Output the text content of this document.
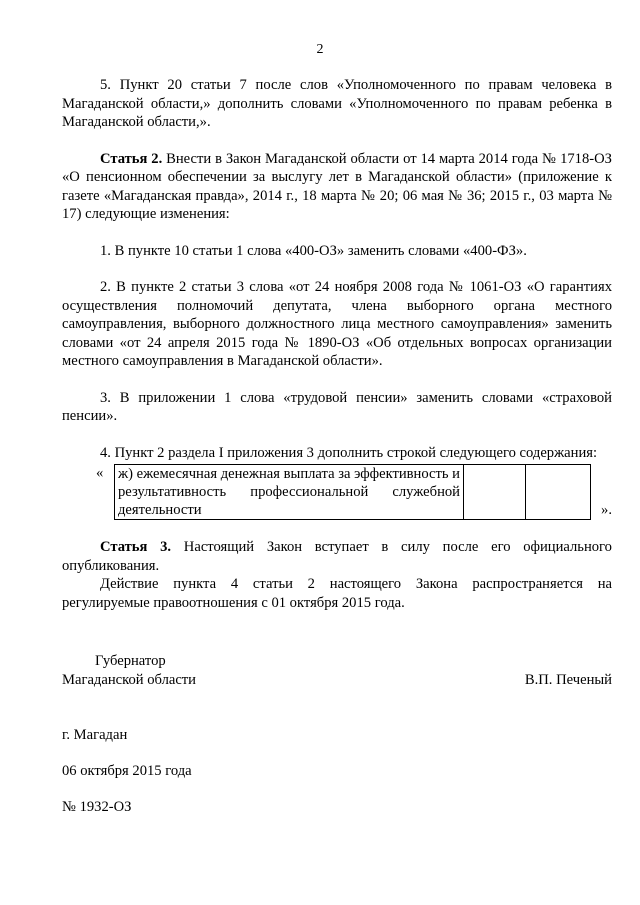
2

5. Пункт 20 статьи 7 после слов «Уполномоченного по правам человека в Магаданской области,» дополнить словами «Уполномоченного по правам ребенка в Магаданской области,».

Статья 2. Внести в Закон Магаданской области от 14 марта 2014 года № 1718-ОЗ «О пенсионном обеспечении за выслугу лет в Магаданской области» (приложение к газете «Магаданская правда», 2014 г., 18 марта № 20; 06 мая № 36; 2015 г., 03 марта № 17) следующие изменения:

1. В пункте 10 статьи 1 слова «400-ОЗ» заменить словами «400-ФЗ».

2. В пункте 2 статьи 3 слова «от 24 ноября 2008 года № 1061-ОЗ «О гарантиях осуществления полномочий депутата, члена выборного органа местного самоуправления, выборного должностного лица местного самоуправления» заменить словами «от 24 апреля 2015 года № 1890-ОЗ «Об отдельных вопросах организации местного самоуправления в Магаданской области».

3. В приложении 1 слова «трудовой пенсии» заменить словами «страховой пенсии».

4. Пункт 2 раздела I приложения 3 дополнить строкой следующего содержания:

« ж) ежемесячная денежная выплата за эффективность и результативность профессиональной служебной деятельности			».

Статья 3. Настоящий Закон вступает в силу после его официального опубликования.

Действие пункта 4 статьи 2 настоящего Закона распространяется на регулируемые правоотношения с 01 октября 2015 года.

Губернатор
Магаданской области	В.П. Печеный
г. Магадан
06 октября 2015 года
№ 1932-ОЗ
